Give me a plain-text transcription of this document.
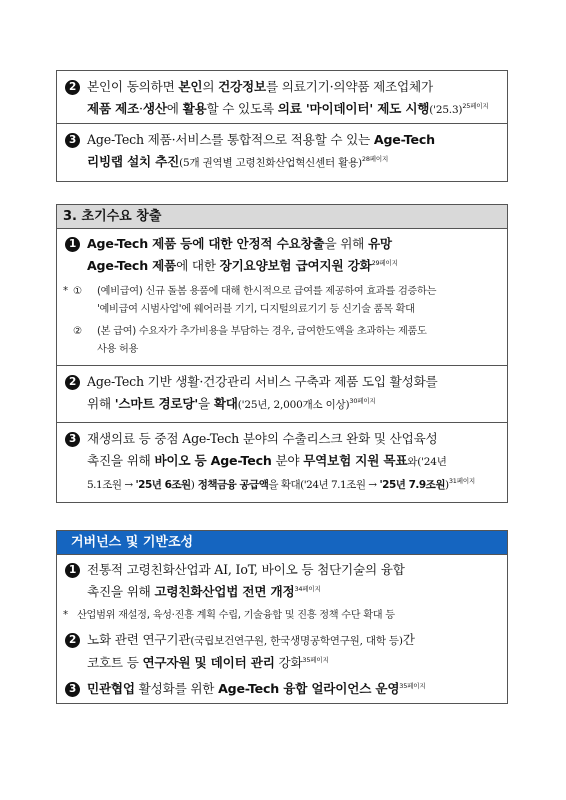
2 본인이 동의하면 본인의 건강정보를 의료기기·의약품 제조업체가
제품 제조·생산에 활용할 수 있도록 의료 '마이데이터' 제도 시행('25.3)$^{25페이지}$
3 Age-Tech 제품·서비스를 통합적으로 적용할 수 있는 Age-Tech
리빙랩 설치 추진(5개 권역별 고령친화산업혁신센터 활용)$^{28페이지}$
3. 초기수요 창출
1 Age-Tech 제품 등에 대한 안정적 수요창출을 위해 유망
Age-Tech 제품에 대한 장기요양보험 급여지원 강화$^{29페이지}$
* ①	(예비급여) 신규 돌봄 용품에 대해 한시적으로 급여를 제공하여 효과를 검증하는
'예비급여 시범사업'에 웨어러블 기기, 디지털의료기기 등 신기술 품목 확대
②	(본 급여) 수요자가 추가비용을 부담하는 경우, 급여한도액을 초과하는 제품도
사용 허용
2 Age-Tech 기반 생활·건강관리 서비스 구축과 제품 도입 활성화를
위해 '스마트 경로당'을 확대('25년, 2,000개소 이상)$^{30페이지}$
3 재생의료 등 중점 Age-Tech 분야의 수출리스크 완화 및 산업육성
촉진을 위해 바이오 등 Age-Tech 분야 무역보험 지원 목표와('24년
5.1조원 → '25년 6조원) 정책금융 공급액을 확대('24년 7.1조원 → '25년 7.9조원)$^{31페이지}$
거버넌스 및 기반조성
1 전통적 고령친화산업과 AI, IoT, 바이오 등 첨단기술의 융합
촉진을 위해 고령친화산업법 전면 개정$^{34페이지}$
* 산업범위 재설정, 육성·진흥 계획 수립, 기술융합 및 진흥 정책 수단 확대 등
2 노화 관련 연구기관(국립보건연구원, 한국생명공학연구원, 대학 등)간
코호트 등 연구자원 및 데이터 관리 강화$^{35페이지}$
3 민관협업 활성화를 위한 Age-Tech 융합 얼라이언스 운영$^{35페이지}$
